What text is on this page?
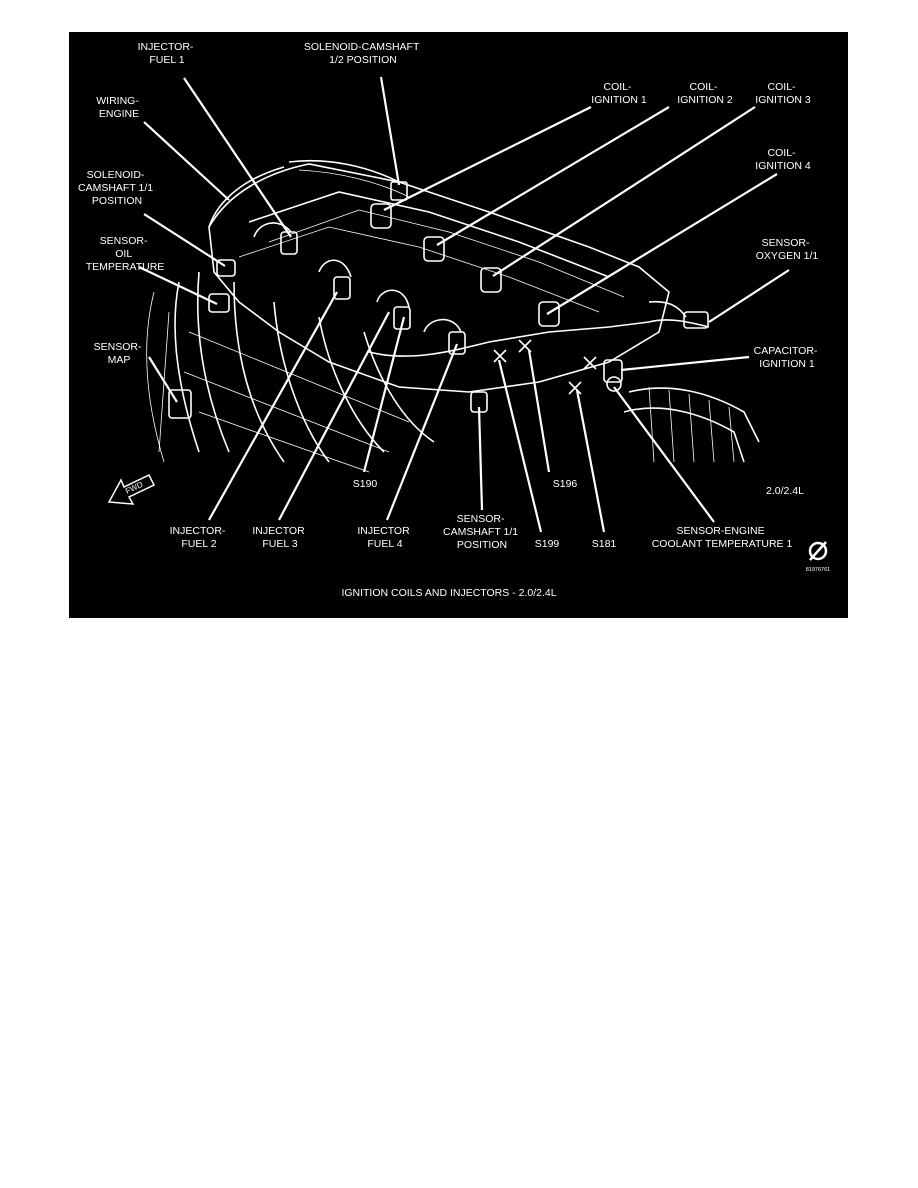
FWD
INJECTOR- FUEL 1
SOLENOID-CAMSHAFT 1/2 POSITION
COIL- IGNITION 1
COIL- IGNITION 2
COIL- IGNITION 3
WIRING- ENGINE
COIL- IGNITION 4
SOLENOID- CAMSHAFT 1/1 POSITION
SENSOR- OIL TEMPERATURE
SENSOR- OXYGEN 1/1
SENSOR- MAP
CAPACITOR- IGNITION 1
S190	S196
2.0/2.4L
INJECTOR- FUEL 2
INJECTOR FUEL 3
INJECTOR FUEL 4
SENSOR- CAMSHAFT 1/1 POSITION	S199	S181
SENSOR-ENGINE COOLANT TEMPERATURE 1
81976761
IGNITION COILS AND INJECTORS - 2.0/2.4L
